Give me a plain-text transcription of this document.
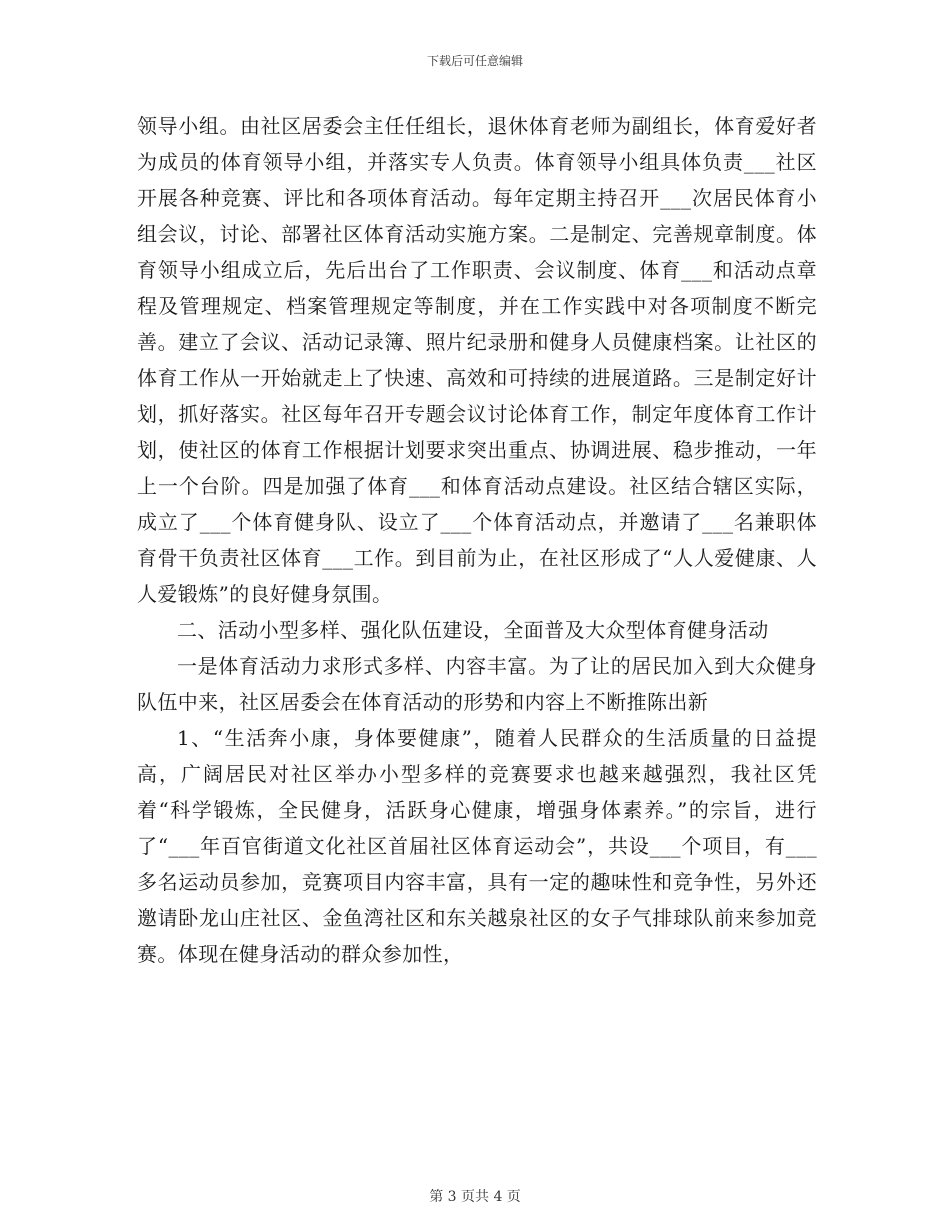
下载后可任意编辑

领导小组。由社区居委会主任任组长，退休体育老师为副组长，体育爱好者为成员的体育领导小组，并落实专人负责。体育领导小组具体负责___社区开展各种竞赛、评比和各项体育活动。每年定期主持召开___次居民体育小组会议，讨论、部署社区体育活动实施方案。二是制定、完善规章制度。体育领导小组成立后，先后出台了工作职责、会议制度、体育___和活动点章程及管理规定、档案管理规定等制度，并在工作实践中对各项制度不断完善。建立了会议、活动记录簿、照片纪录册和健身人员健康档案。让社区的体育工作从一开始就走上了快速、高效和可持续的进展道路。三是制定好计划，抓好落实。社区每年召开专题会议讨论体育工作，制定年度体育工作计划，使社区的体育工作根据计划要求突出重点、协调进展、稳步推动，一年上一个台阶。四是加强了体育___和体育活动点建设。社区结合辖区实际，成立了___个体育健身队、设立了___个体育活动点，并邀请了___名兼职体育骨干负责社区体育___工作。到目前为止，在社区形成了“人人爱健康、人人爱锻炼”的良好健身氛围。

二、活动小型多样、强化队伍建设，全面普及大众型体育健身活动

一是体育活动力求形式多样、内容丰富。为了让的居民加入到大众健身队伍中来，社区居委会在体育活动的形势和内容上不断推陈出新

1、“生活奔小康，身体要健康”，随着人民群众的生活质量的日益提高，广阔居民对社区举办小型多样的竞赛要求也越来越强烈，我社区凭着“科学锻炼，全民健身，活跃身心健康，增强身体素养。”的宗旨，进行了“___年百官街道文化社区首届社区体育运动会”，共设___个项目，有___多名运动员参加，竞赛项目内容丰富，具有一定的趣味性和竞争性，另外还邀请卧龙山庄社区、金鱼湾社区和东关越泉社区的女子气排球队前来参加竞赛。体现在健身活动的群众参加性，

第 3 页共 4 页
